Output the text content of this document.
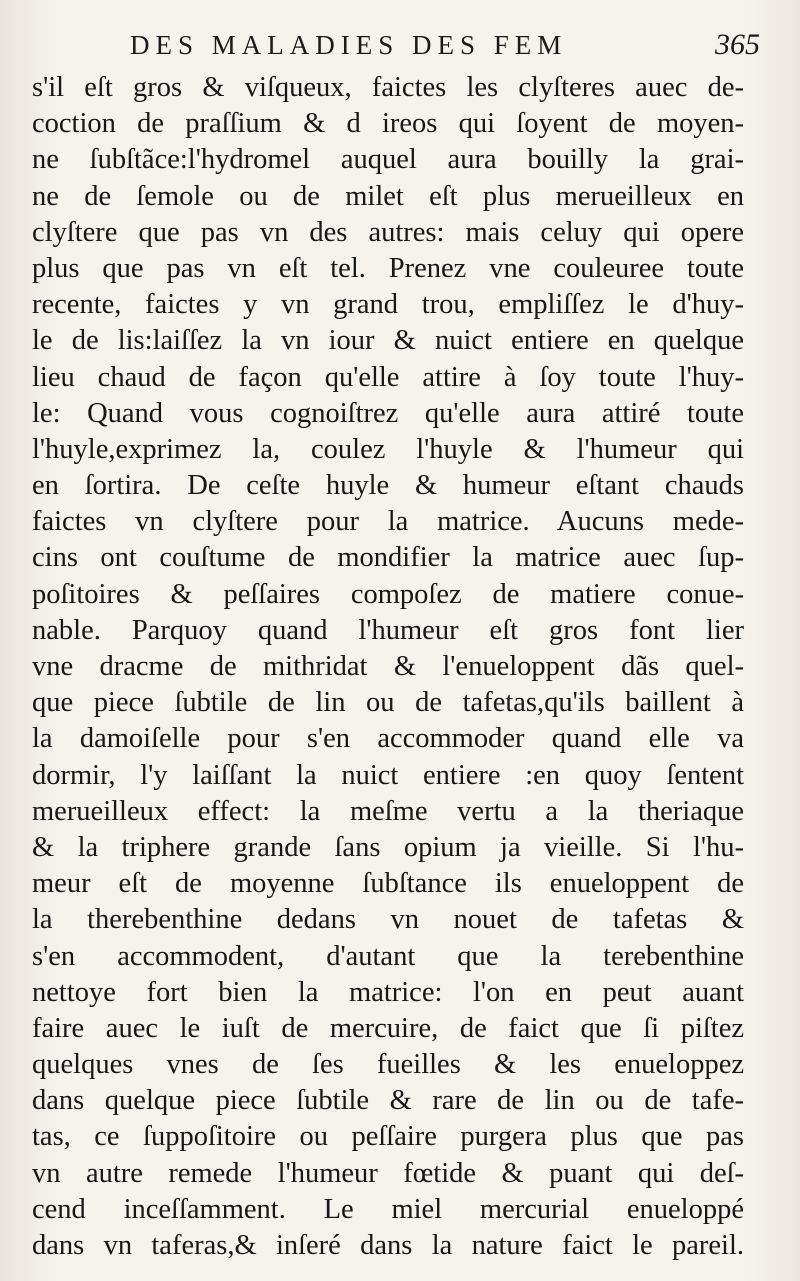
DES MALADIES DES FEM	365
s'il eſt gros & viſqueux, faictes les clyſteres auec de-
coction de praſſium & d ireos qui ſoyent de moyen-
ne ſubſtãce:l'hydromel auquel aura bouilly la grai-
ne de ſemole ou de milet eſt plus merueilleux en
clyſtere que pas vn des autres: mais celuy qui opere
plus que pas vn eſt tel. Prenez vne couleuree toute
recente, faictes y vn grand trou, empliſſez le d'huy-
le de lis:laiſſez la vn iour & nuict entiere en quelque
lieu chaud de façon qu'elle attire à ſoy toute l'huy-
le: Quand vous cognoiſtrez qu'elle aura attiré toute
l'huyle,exprimez la, coulez l'huyle & l'humeur qui
en ſortira. De ceſte huyle & humeur eſtant chauds
faictes vn clyſtere pour la matrice. Aucuns mede-
cins ont couſtume de mondifier la matrice auec ſup-
poſitoires & peſſaires compoſez de matiere conue-
nable. Parquoy quand l'humeur eſt gros font lier
vne dracme de mithridat & l'enueloppent dãs quel-
que piece ſubtile de lin ou de tafetas,qu'ils baillent à
la damoiſelle pour s'en accommoder quand elle va
dormir, l'y laiſſant la nuict entiere :en quoy ſentent
merueilleux effect: la meſme vertu a la theriaque
& la triphere grande ſans opium ja vieille. Si l'hu-
meur eſt de moyenne ſubſtance ils enueloppent de
la therebenthine dedans vn nouet de tafetas &
s'en accommodent, d'autant que la terebenthine
nettoye fort bien la matrice: l'on en peut auant
faire auec le iuſt de mercuire, de faict que ſi piſtez
quelques vnes de ſes fueilles & les enueloppez
dans quelque piece ſubtile & rare de lin ou de tafe-
tas, ce ſuppoſitoire ou peſſaire purgera plus que pas
vn autre remede l'humeur fœtide & puant qui deſ-
cend inceſſamment. Le miel mercurial enueloppé
dans vn taferas,& inſeré dans la nature faict le pareil.
